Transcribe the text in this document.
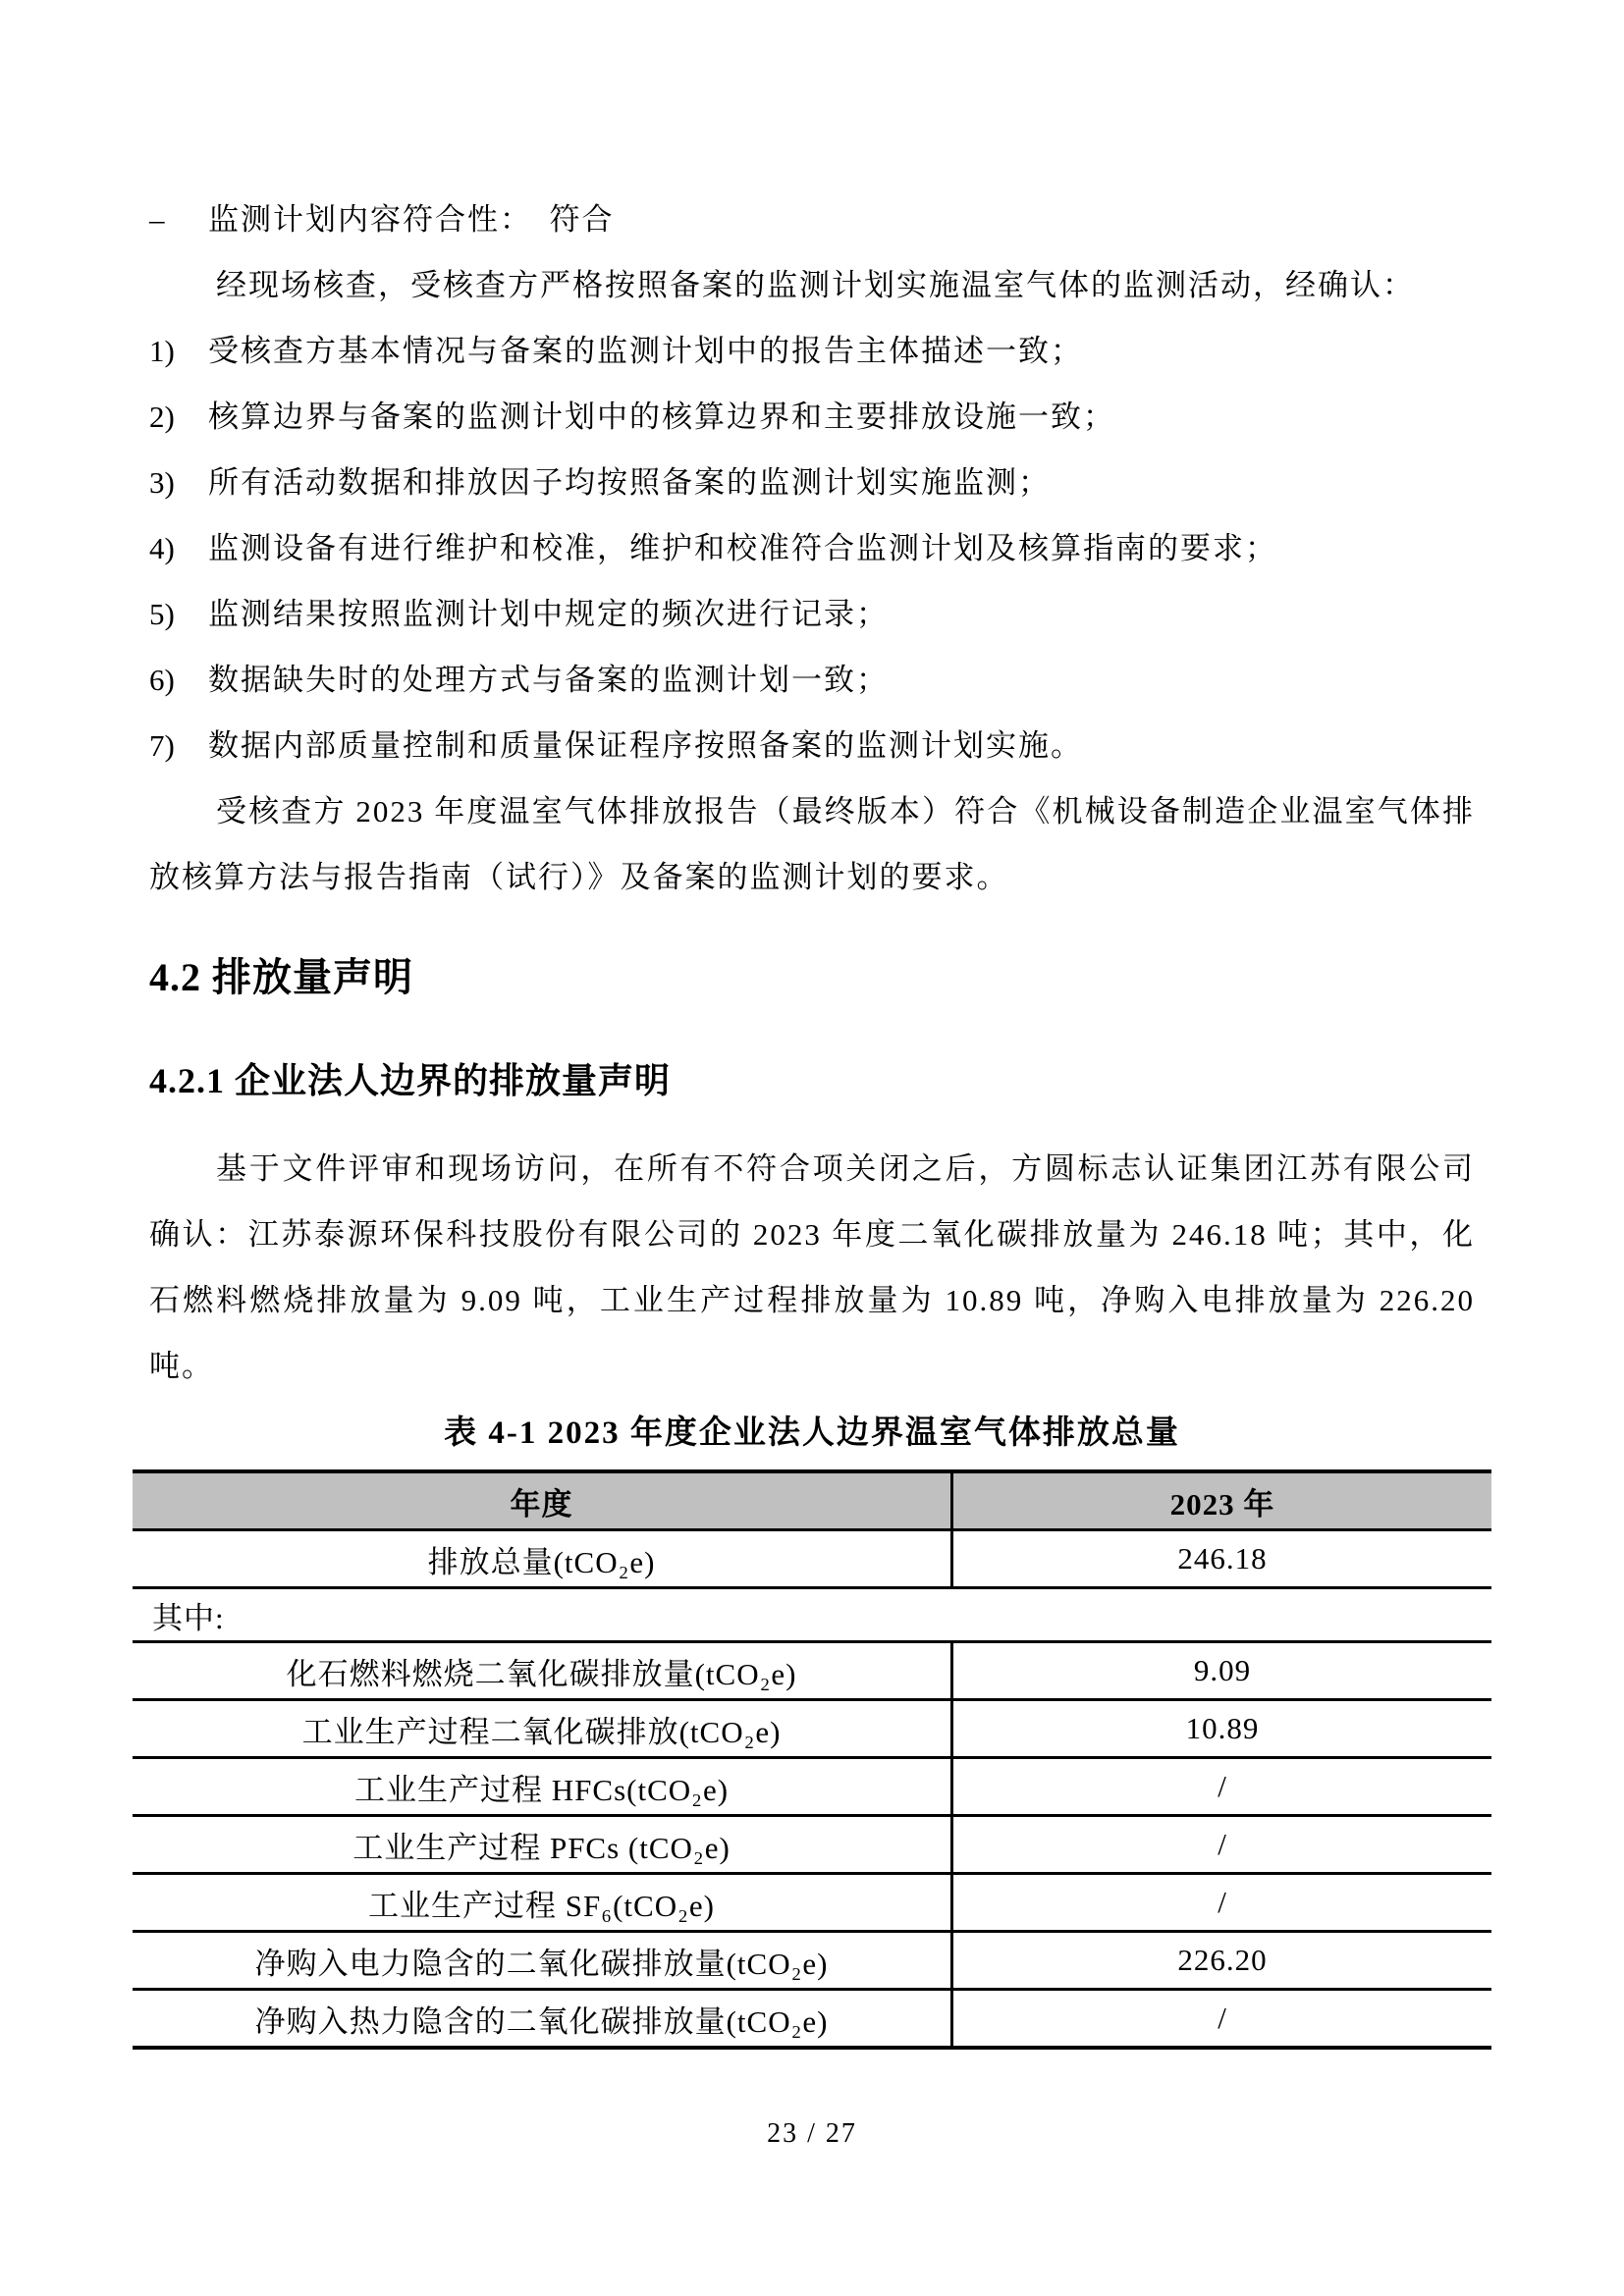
–	监测计划内容符合性：　符合

经现场核查，受核查方严格按照备案的监测计划实施温室气体的监测活动，经确认：

1)	受核查方基本情况与备案的监测计划中的报告主体描述一致；
2)	核算边界与备案的监测计划中的核算边界和主要排放设施一致；
3)	所有活动数据和排放因子均按照备案的监测计划实施监测；
4)	监测设备有进行维护和校准，维护和校准符合监测计划及核算指南的要求；
5)	监测结果按照监测计划中规定的频次进行记录；
6)	数据缺失时的处理方式与备案的监测计划一致；
7)	数据内部质量控制和质量保证程序按照备案的监测计划实施。

受核查方 2023 年度温室气体排放报告（最终版本）符合《机械设备制造企业温室气体排放核算方法与报告指南（试行）》及备案的监测计划的要求。

4.2 排放量声明
4.2.1 企业法人边界的排放量声明

基于文件评审和现场访问，在所有不符合项关闭之后，方圆标志认证集团江苏有限公司确认：江苏泰源环保科技股份有限公司的 2023 年度二氧化碳排放量为 246.18 吨；其中，化石燃料燃烧排放量为 9.09 吨，工业生产过程排放量为 10.89 吨，净购入电排放量为 226.20 吨。

表 4-1 2023 年度企业法人边界温室气体排放总量
年度	2023 年
排放总量(tCO₂e)	246.18
其中:	
化石燃料燃烧二氧化碳排放量(tCO₂e)	9.09
工业生产过程二氧化碳排放(tCO₂e)	10.89
工业生产过程 HFCs(tCO₂e)	/
工业生产过程 PFCs (tCO₂e)	/
工业生产过程 SF₆(tCO₂e)	/
净购入电力隐含的二氧化碳排放量(tCO₂e)	226.20
净购入热力隐含的二氧化碳排放量(tCO₂e)	/
23 / 27
